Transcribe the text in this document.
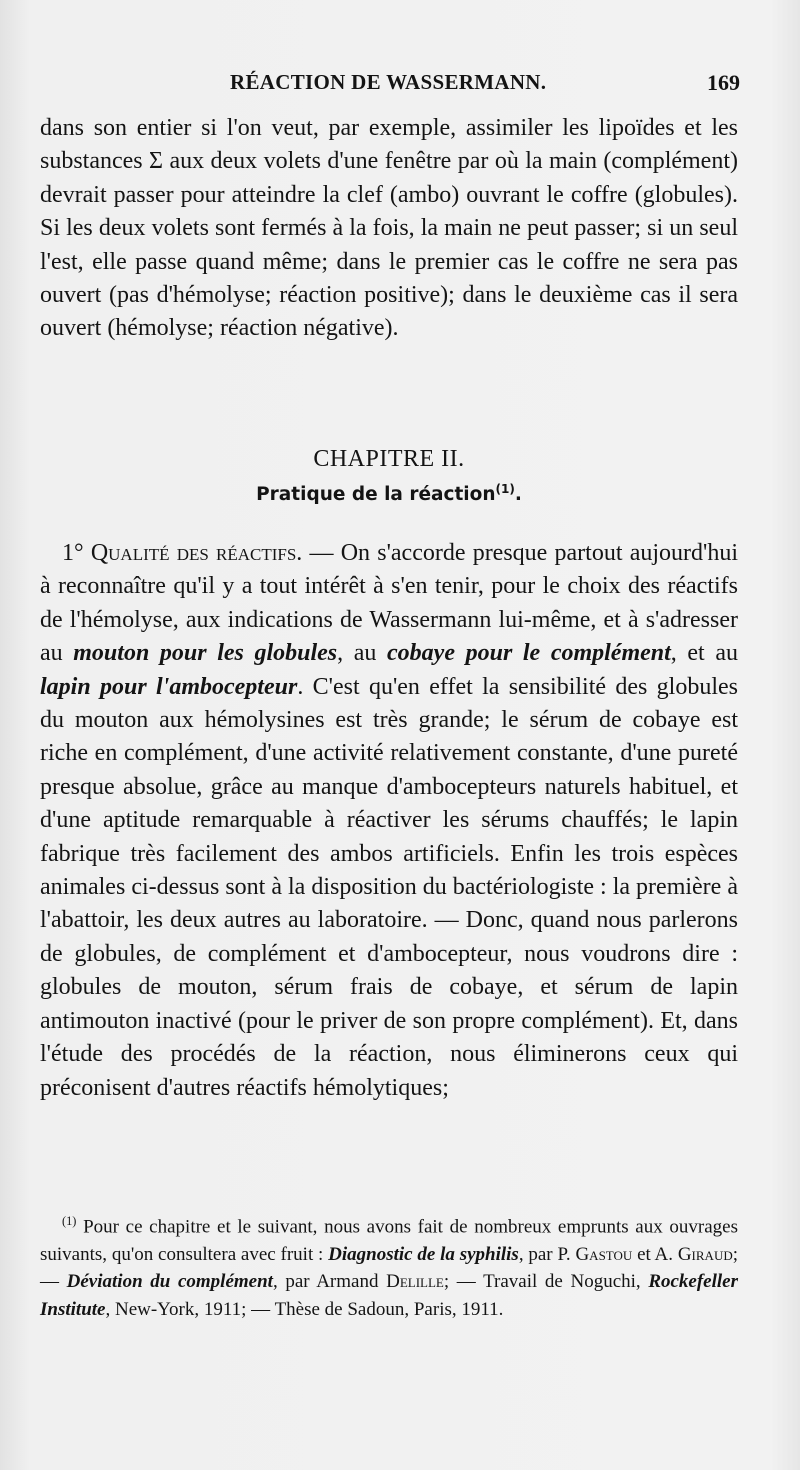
RÉACTION DE WASSERMANN.	169

dans son entier si l'on veut, par exemple, assimiler les lipoïdes et les substances Σ aux deux volets d'une fenêtre par où la main (complément) devrait passer pour atteindre la clef (ambo) ouvrant le coffre (globules). Si les deux volets sont fermés à la fois, la main ne peut passer; si un seul l'est, elle passe quand même; dans le premier cas le coffre ne sera pas ouvert (pas d'hémolyse; réaction positive); dans le deuxième cas il sera ouvert (hémolyse; réaction négative).

CHAPITRE II.
Pratique de la réaction$^{(1)}$.

1° Qualité des réactifs. — On s'accorde presque partout aujourd'hui à reconnaître qu'il y a tout intérêt à s'en tenir, pour le choix des réactifs de l'hémolyse, aux indications de Wassermann lui-même, et à s'adresser au mouton pour les globules, au cobaye pour le complément, et au lapin pour l'ambocepteur. C'est qu'en effet la sensibilité des globules du mouton aux hémolysines est très grande; le sérum de cobaye est riche en complément, d'une activité relativement constante, d'une pureté presque absolue, grâce au manque d'ambocepteurs naturels habituel, et d'une aptitude remarquable à réactiver les sérums chauffés; le lapin fabrique très facilement des ambos artificiels. Enfin les trois espèces animales ci-dessus sont à la disposition du bactériologiste : la première à l'abattoir, les deux autres au laboratoire. — Donc, quand nous parlerons de globules, de complément et d'ambocepteur, nous voudrons dire : globules de mouton, sérum frais de cobaye, et sérum de lapin antimouton inactivé (pour le priver de son propre complément). Et, dans l'étude des procédés de la réaction, nous éliminerons ceux qui préconisent d'autres réactifs hémolytiques;

$^{(1)}$ Pour ce chapitre et le suivant, nous avons fait de nombreux emprunts aux ouvrages suivants, qu'on consultera avec fruit : Diagnostic de la syphilis, par P. Gastou et A. Giraud; — Déviation du complément, par Armand Delille; — Travail de Noguchi, Rockefeller Institute, New-York, 1911; — Thèse de Sadoun, Paris, 1911.
